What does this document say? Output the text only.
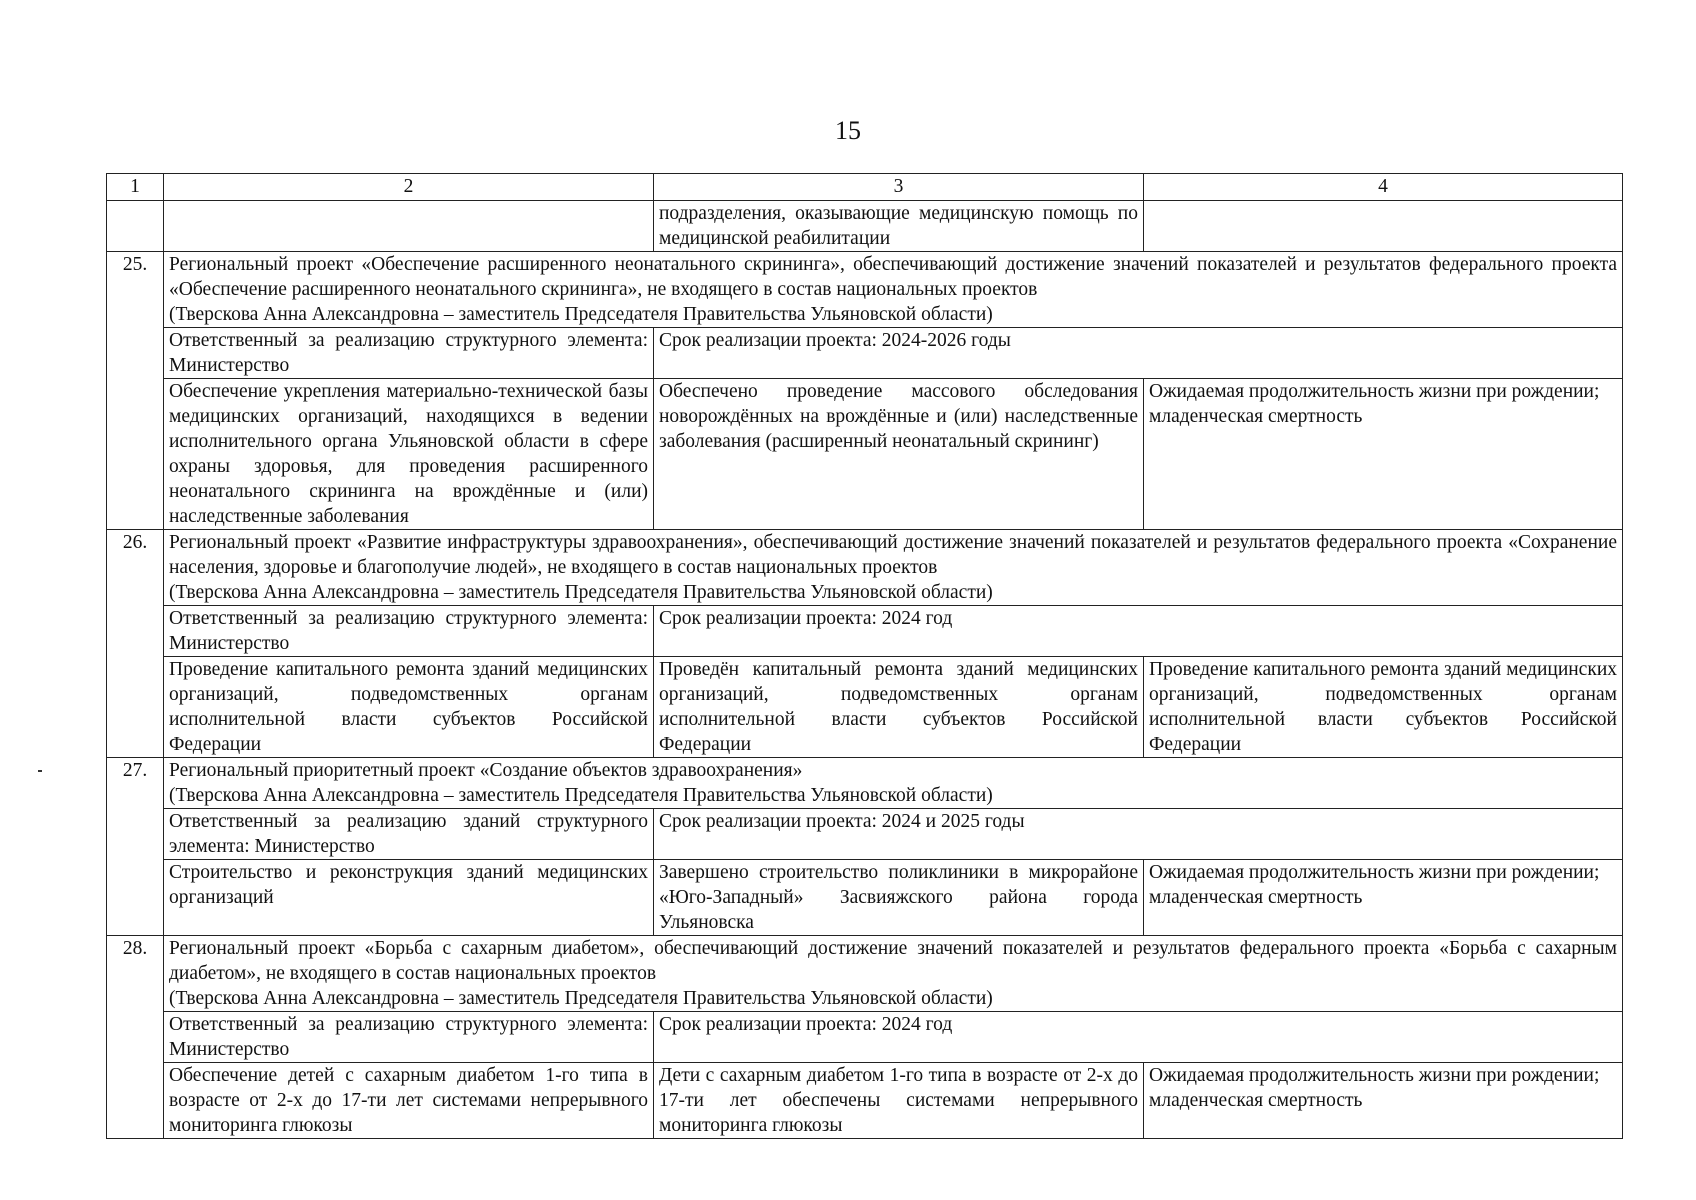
15
1	2	3	4
		подразделения, оказывающие медицинскую помощь по медицинской реабилитации	
25.	Региональный проект «Обеспечение расширенного неонатального скрининга», обеспечивающий достижение значений показателей и результатов федерального проекта «Обеспечение расширенного неонатального скрининга», не входящего в состав национальных проектов
(Тверскова Анна Александровна – заместитель Председателя Правительства Ульяновской области)		

	Ответственный за реализацию структурного элемента: Министерство	Срок реализации проекта: 2024-2026 годы	
	Обеспечение укрепления материально-технической базы медицинских организаций, находящихся в ведении исполнительного органа Ульяновской области в сфере охраны здоровья, для проведения расширенного неонатального скрининга на врождённые и (или) наследственные заболевания	Обеспечено проведение массового обследования новорождённых на врождённые и (или) наследственные заболевания (расширенный неонатальный скрининг)	Ожидаемая продолжительность жизни при рождении;
младенческая смертность

26.	Региональный проект «Развитие инфраструктуры здравоохранения», обеспечивающий достижение значений показателей и результатов федерального проекта «Сохранение населения, здоровье и благополучие людей», не входящего в состав национальных проектов
(Тверскова Анна Александровна – заместитель Председателя Правительства Ульяновской области)		

	Ответственный за реализацию структурного элемента: Министерство	Срок реализации проекта: 2024 год	
	Проведение капитального ремонта зданий медицинских организаций, подведомственных органам исполнительной власти субъектов Российской Федерации	Проведён капитальный ремонта зданий медицинских организаций, подведомственных органам исполнительной власти субъектов Российской Федерации	Проведение капитального ремонта зданий медицинских организаций, подведомственных органам исполнительной власти субъектов Российской Федерации

27.	Региональный приоритетный проект «Создание объектов здравоохранения»
(Тверскова Анна Александровна – заместитель Председателя Правительства Ульяновской области)		

	Ответственный за реализацию зданий структурного элемента: Министерство	Срок реализации проекта: 2024 и 2025 годы	
	Строительство и реконструкция зданий медицинских организаций	Завершено строительство поликлиники в микрорайоне «Юго-Западный» Засвияжского района города Ульяновска	Ожидаемая продолжительность жизни при рождении;
младенческая смертность

28.	Региональный проект «Борьба с сахарным диабетом», обеспечивающий достижение значений показателей и результатов федерального проекта «Борьба с сахарным диабетом», не входящего в состав национальных проектов
(Тверскова Анна Александровна – заместитель Председателя Правительства Ульяновской области)		

	Ответственный за реализацию структурного элемента: Министерство	Срок реализации проекта: 2024 год	
	Обеспечение детей с сахарным диабетом 1-го типа в возрасте от 2-х до 17-ти лет системами непрерывного мониторинга глюкозы	Дети с сахарным диабетом 1-го типа в возрасте от 2-х до 17-ти лет обеспечены системами непрерывного мониторинга глюкозы	Ожидаемая продолжительность жизни при рождении;
младенческая смертность
